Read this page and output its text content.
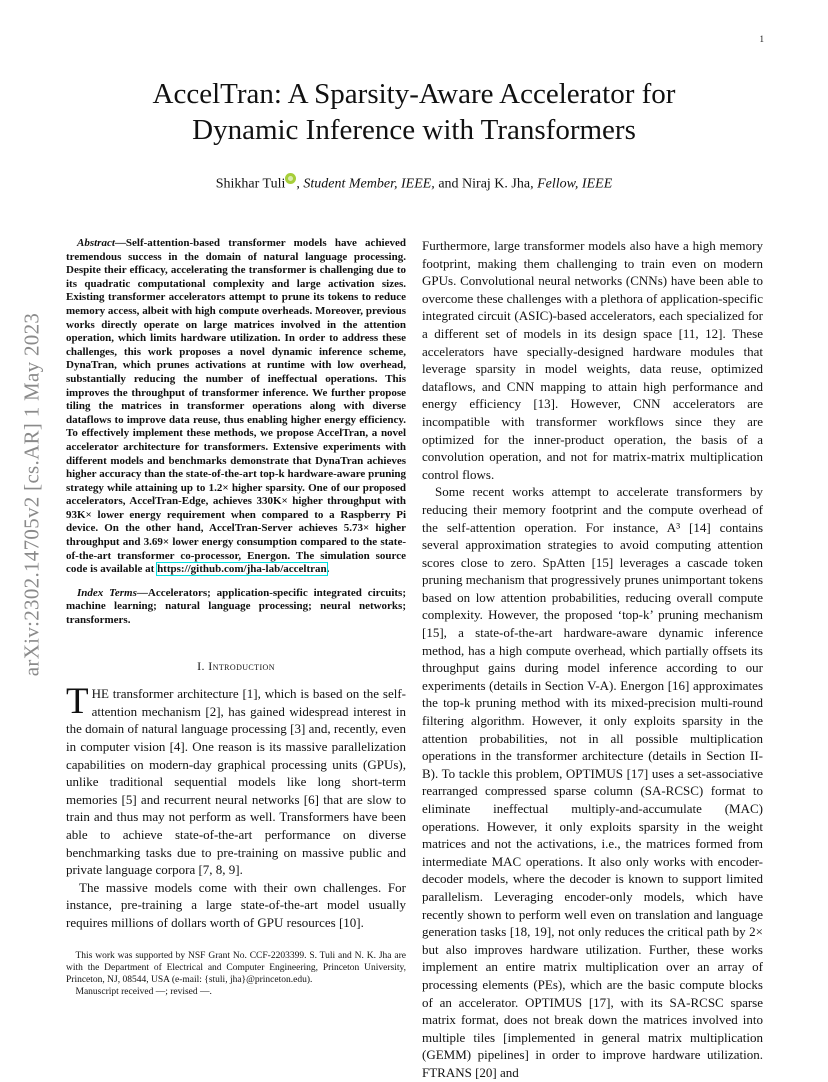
1
arXiv:2302.14705v2 [cs.AR] 1 May 2023
AccelTran: A Sparsity-Aware Accelerator for
Dynamic Inference with Transformers
Shikhar Tuli , Student Member, IEEE, and Niraj K. Jha, Fellow, IEEE

Abstract—Self-attention-based transformer models have achieved tremendous success in the domain of natural language processing. Despite their efficacy, accelerating the transformer is challenging due to its quadratic computational complexity and large activation sizes. Existing transformer accelerators attempt to prune its tokens to reduce memory access, albeit with high compute overheads. Moreover, previous works directly operate on large matrices involved in the attention operation, which limits hardware utilization. In order to address these challenges, this work proposes a novel dynamic inference scheme, DynaTran, which prunes activations at runtime with low overhead, substantially reducing the number of ineffectual operations. This improves the throughput of transformer inference. We further propose tiling the matrices in transformer operations along with diverse dataflows to improve data reuse, thus enabling higher energy efficiency. To effectively implement these methods, we propose AccelTran, a novel accelerator architecture for transformers. Extensive experiments with different models and benchmarks demonstrate that DynaTran achieves higher accuracy than the state-of-the-art top-k hardware-aware pruning strategy while attaining up to 1.2× higher sparsity. One of our proposed accelerators, AccelTran-Edge, achieves 330K× higher throughput with 93K× lower energy requirement when compared to a Raspberry Pi device. On the other hand, AccelTran-Server achieves 5.73× higher throughput and 3.69× lower energy consumption compared to the state-of-the-art transformer co-processor, Energon. The simulation source code is available at https://github.com/jha-lab/acceltran.

Index Terms—Accelerators; application-specific integrated circuits; machine learning; natural language processing; neural networks; transformers.

I. Introduction

THE transformer architecture [1], which is based on the self-attention mechanism [2], has gained widespread interest in the domain of natural language processing [3] and, recently, even in computer vision [4]. One reason is its massive parallelization capabilities on modern-day graphical processing units (GPUs), unlike traditional sequential models like long short-term memories [5] and recurrent neural networks [6] that are slow to train and thus may not perform as well. Transformers have been able to achieve state-of-the-art performance on diverse benchmarking tasks due to pre-training on massive public and private language corpora [7, 8, 9].

The massive models come with their own challenges. For instance, pre-training a large state-of-the-art model usually requires millions of dollars worth of GPU resources [10].

This work was supported by NSF Grant No. CCF-2203399. S. Tuli and N. K. Jha are with the Department of Electrical and Computer Engineering, Princeton University, Princeton, NJ, 08544, USA (e-mail: {stuli, jha}@princeton.edu).

Manuscript received —; revised —.

Furthermore, large transformer models also have a high memory footprint, making them challenging to train even on modern GPUs. Convolutional neural networks (CNNs) have been able to overcome these challenges with a plethora of application-specific integrated circuit (ASIC)-based accelerators, each specialized for a different set of models in its design space [11, 12]. These accelerators have specially-designed hardware modules that leverage sparsity in model weights, data reuse, optimized dataflows, and CNN mapping to attain high performance and energy efficiency [13]. However, CNN accelerators are incompatible with transformer workflows since they are optimized for the inner-product operation, the basis of a convolution operation, and not for matrix-matrix multiplication control flows.

Some recent works attempt to accelerate transformers by reducing their memory footprint and the compute overhead of the self-attention operation. For instance, A³ [14] contains several approximation strategies to avoid computing attention scores close to zero. SpAtten [15] leverages a cascade token pruning mechanism that progressively prunes unimportant tokens based on low attention probabilities, reducing overall compute complexity. However, the proposed ‘top-k’ pruning mechanism [15], a state-of-the-art hardware-aware dynamic inference method, has a high compute overhead, which partially offsets its throughput gains during model inference according to our experiments (details in Section V-A). Energon [16] approximates the top-k pruning method with its mixed-precision multi-round filtering algorithm. However, it only exploits sparsity in the attention probabilities, not in all possible multiplication operations in the transformer architecture (details in Section II-B). To tackle this problem, OPTIMUS [17] uses a set-associative rearranged compressed sparse column (SA-RCSC) format to eliminate ineffectual multiply-and-accumulate (MAC) operations. However, it only exploits sparsity in the weight matrices and not the activations, i.e., the matrices formed from intermediate MAC operations. It also only works with encoder-decoder models, where the decoder is known to support limited parallelism. Leveraging encoder-only models, which have recently shown to perform well even on translation and language generation tasks [18, 19], not only reduces the critical path by 2× but also improves hardware utilization. Further, these works implement an entire matrix multiplication over an array of processing elements (PEs), which are the basic compute blocks of an accelerator. OPTIMUS [17], with its SA-RCSC sparse matrix format, does not break down the matrices involved into multiple tiles [implemented in general matrix multiplication (GEMM) pipelines] in order to improve hardware utilization. FTRANS [20] and
